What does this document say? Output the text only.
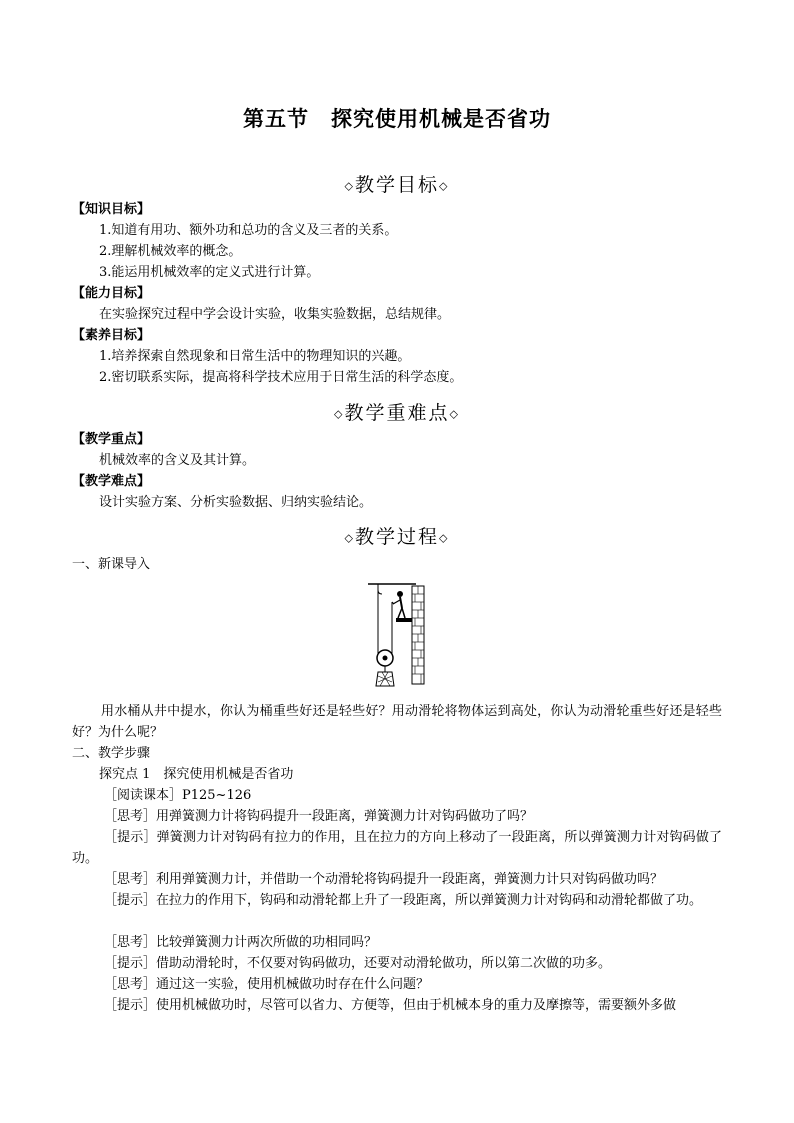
第五节　探究使用机械是否省功
◇教学目标◇
【知识目标】
1.知道有用功、额外功和总功的含义及三者的关系。
2.理解机械效率的概念。
3.能运用机械效率的定义式进行计算。
【能力目标】
在实验探究过程中学会设计实验，收集实验数据，总结规律。
【素养目标】
1.培养探索自然现象和日常生活中的物理知识的兴趣。
2.密切联系实际，提高将科学技术应用于日常生活的科学态度。
◇教学重难点◇
【教学重点】
机械效率的含义及其计算。
【教学难点】
设计实验方案、分析实验数据、归纳实验结论。
◇教学过程◇
一、新课导入
用水桶从井中提水，你认为桶重些好还是轻些好？用动滑轮将物体运到高处，你认为动滑轮重些好还是轻些好？为什么呢？
二、教学步骤
探究点 1　探究使用机械是否省功
［阅读课本］P125~126
［思考］用弹簧测力计将钩码提升一段距离，弹簧测力计对钩码做功了吗？
［提示］弹簧测力计对钩码有拉力的作用，且在拉力的方向上移动了一段距离，所以弹簧测力计对钩码做了功。
［思考］利用弹簧测力计，并借助一个动滑轮将钩码提升一段距离，弹簧测力计只对钩码做功吗？
［提示］在拉力的作用下，钩码和动滑轮都上升了一段距离，所以弹簧测力计对钩码和动滑轮都做了功。
［思考］比较弹簧测力计两次所做的功相同吗？
［提示］借助动滑轮时，不仅要对钩码做功，还要对动滑轮做功，所以第二次做的功多。
［思考］通过这一实验，使用机械做功时存在什么问题？
［提示］使用机械做功时，尽管可以省力、方便等，但由于机械本身的重力及摩擦等，需要额外多做
